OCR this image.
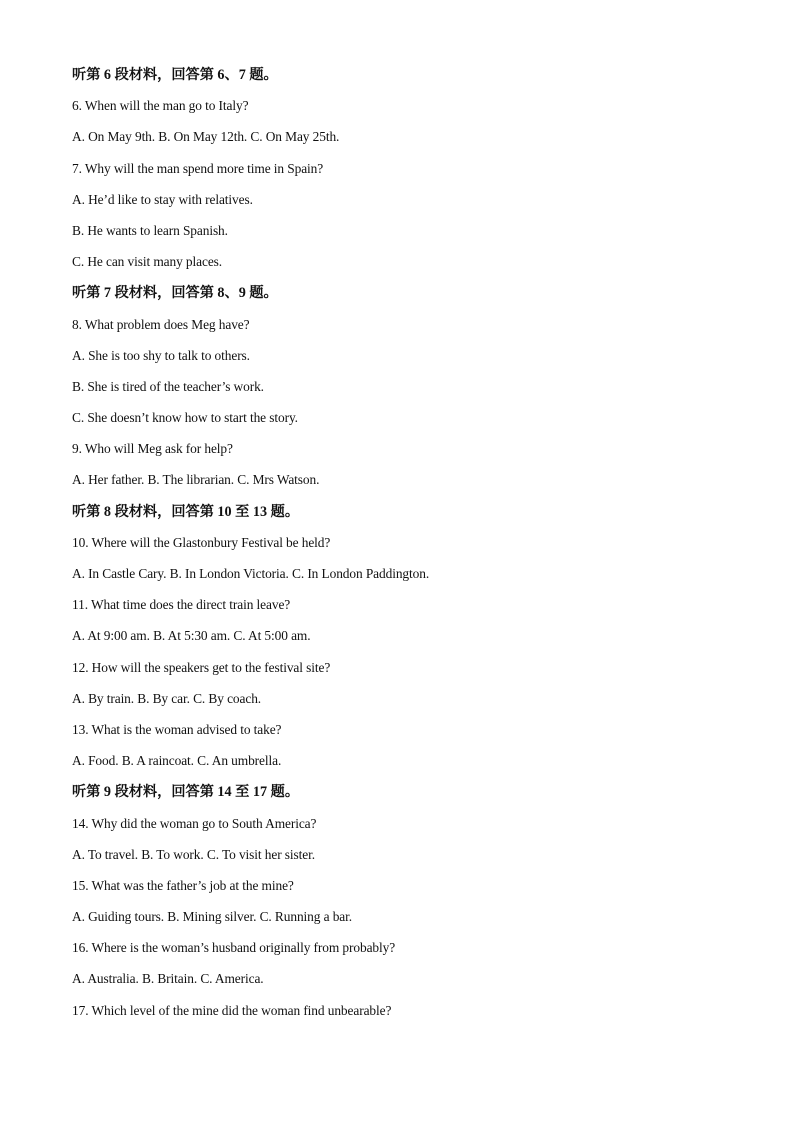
听第 6 段材料，回答第 6、7 题。
6. When will the man go to Italy?
A. On May 9th. B. On May 12th. C. On May 25th.
7. Why will the man spend more time in Spain?
A. He’d like to stay with relatives.
B. He wants to learn Spanish.
C. He can visit many places.
听第 7 段材料，回答第 8、9 题。
8. What problem does Meg have?
A. She is too shy to talk to others.
B. She is tired of the teacher’s work.
C. She doesn’t know how to start the story.
9. Who will Meg ask for help?
A. Her father. B. The librarian. C. Mrs Watson.
听第 8 段材料，回答第 10 至 13 题。
10. Where will the Glastonbury Festival be held?
A. In Castle Cary. B. In London Victoria. C. In London Paddington.
11. What time does the direct train leave?
A. At 9:00 am. B. At 5:30 am. C. At 5:00 am.
12. How will the speakers get to the festival site?
A. By train. B. By car. C. By coach.
13. What is the woman advised to take?
A. Food. B. A raincoat. C. An umbrella.
听第 9 段材料，回答第 14 至 17 题。
14. Why did the woman go to South America?
A. To travel. B. To work. C. To visit her sister.
15. What was the father’s job at the mine?
A. Guiding tours. B. Mining silver. C. Running a bar.
16. Where is the woman’s husband originally from probably?
A. Australia. B. Britain. C. America.
17. Which level of the mine did the woman find unbearable?
